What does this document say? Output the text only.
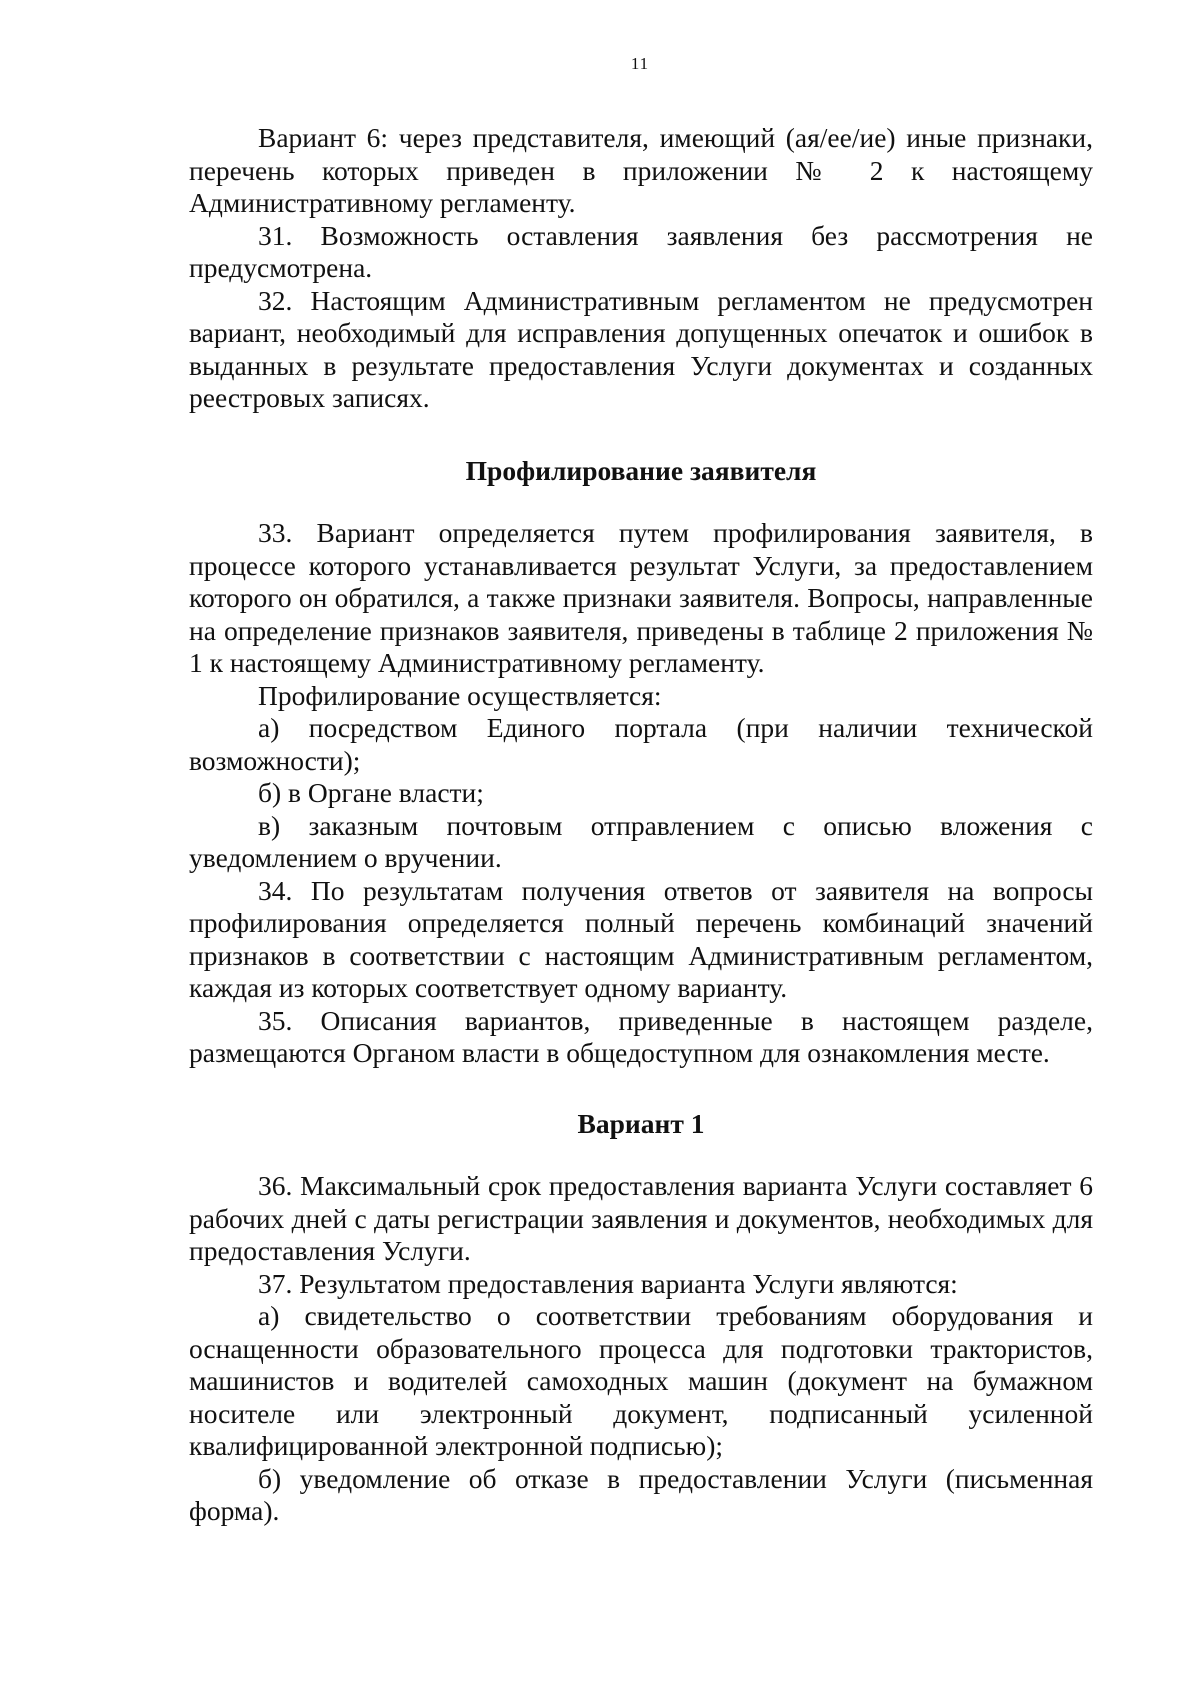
11

Вариант 6: через представителя, имеющий (ая/ее/ие) иные признаки, перечень которых приведен в приложении № 2 к настоящему Административному регламенту.

31. Возможность оставления заявления без рассмотрения не предусмотрена.

32. Настоящим Административным регламентом не предусмотрен вариант, необходимый для исправления допущенных опечаток и ошибок в выданных в результате предоставления Услуги документах и созданных реестровых записях.

Профилирование заявителя

33. Вариант определяется путем профилирования заявителя, в процессе которого устанавливается результат Услуги, за предоставлением которого он обратился, а также признаки заявителя. Вопросы, направленные на определение признаков заявителя, приведены в таблице 2 приложения № 1 к настоящему Административному регламенту.

Профилирование осуществляется:

а) посредством Единого портала (при наличии технической возможности);

б) в Органе власти;

в) заказным почтовым отправлением с описью вложения с уведомлением о вручении.

34. По результатам получения ответов от заявителя на вопросы профилирования определяется полный перечень комбинаций значений признаков в соответствии с настоящим Административным регламентом, каждая из которых соответствует одному варианту.

35. Описания вариантов, приведенные в настоящем разделе, размещаются Органом власти в общедоступном для ознакомления месте.

Вариант 1

36. Максимальный срок предоставления варианта Услуги составляет 6 рабочих дней с даты регистрации заявления и документов, необходимых для предоставления Услуги.

37. Результатом предоставления варианта Услуги являются:

а) свидетельство о соответствии требованиям оборудования и оснащенности образовательного процесса для подготовки трактористов, машинистов и водителей самоходных машин (документ на бумажном носителе или электронный документ, подписанный усиленной квалифицированной электронной подписью);

б) уведомление об отказе в предоставлении Услуги (письменная форма).
